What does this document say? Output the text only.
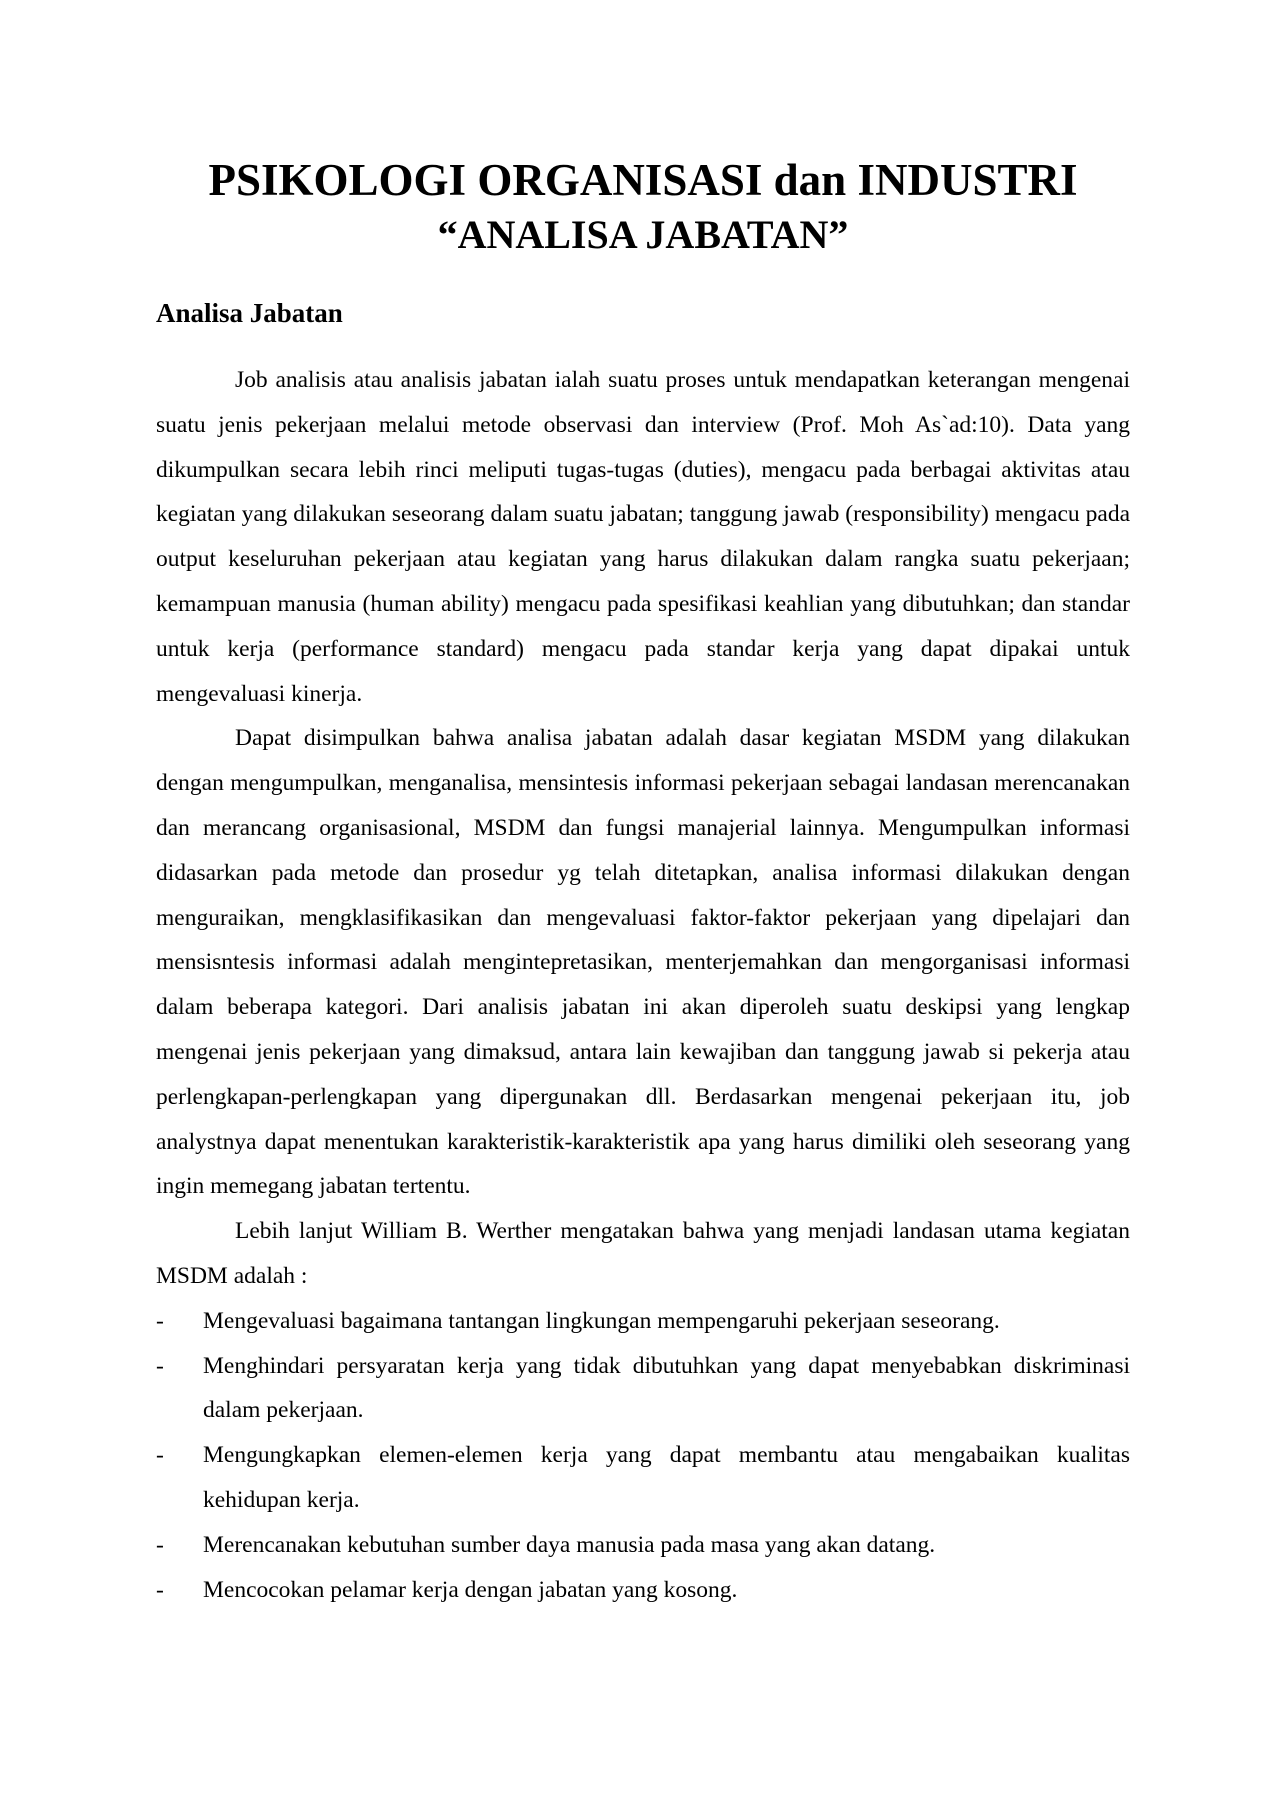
PSIKOLOGI ORGANISASI dan INDUSTRI
“ANALISA JABATAN”
Analisa Jabatan

Job analisis atau analisis jabatan ialah suatu proses untuk mendapatkan keterangan mengenai suatu jenis pekerjaan melalui metode observasi dan interview (Prof. Moh As`ad:10). Data yang dikumpulkan secara lebih rinci meliputi tugas-tugas (duties), mengacu pada berbagai aktivitas atau kegiatan yang dilakukan seseorang dalam suatu jabatan; tanggung jawab (responsibility) mengacu pada output keseluruhan pekerjaan atau kegiatan yang harus dilakukan dalam rangka suatu pekerjaan; kemampuan manusia (human ability) mengacu pada spesifikasi keahlian yang dibutuhkan; dan standar untuk kerja (performance standard) mengacu pada standar kerja yang dapat dipakai untuk mengevaluasi kinerja.

Dapat disimpulkan bahwa analisa jabatan adalah dasar kegiatan MSDM yang dilakukan dengan mengumpulkan, menganalisa, mensintesis informasi pekerjaan sebagai landasan merencanakan dan merancang organisasional, MSDM dan fungsi manajerial lainnya. Mengumpulkan informasi didasarkan pada metode dan prosedur yg telah ditetapkan, analisa informasi dilakukan dengan menguraikan, mengklasifikasikan dan mengevaluasi faktor-faktor pekerjaan yang dipelajari dan mensisntesis informasi adalah mengintepretasikan, menterjemahkan dan mengorganisasi informasi dalam beberapa kategori. Dari analisis jabatan ini akan diperoleh suatu deskipsi yang lengkap mengenai jenis pekerjaan yang dimaksud, antara lain kewajiban dan tanggung jawab si pekerja atau perlengkapan-perlengkapan yang dipergunakan dll. Berdasarkan mengenai pekerjaan itu, job analystnya dapat menentukan karakteristik-karakteristik apa yang harus dimiliki oleh seseorang yang ingin memegang jabatan tertentu.

Lebih lanjut William B. Werther mengatakan bahwa yang menjadi landasan utama kegiatan MSDM adalah :

- Mengevaluasi bagaimana tantangan lingkungan mempengaruhi pekerjaan seseorang.
- Menghindari persyaratan kerja yang tidak dibutuhkan yang dapat menyebabkan diskriminasi dalam pekerjaan.
- Mengungkapkan elemen-elemen kerja yang dapat membantu atau mengabaikan kualitas kehidupan kerja.
- Merencanakan kebutuhan sumber daya manusia pada masa yang akan datang.
- Mencocokan pelamar kerja dengan jabatan yang kosong.
